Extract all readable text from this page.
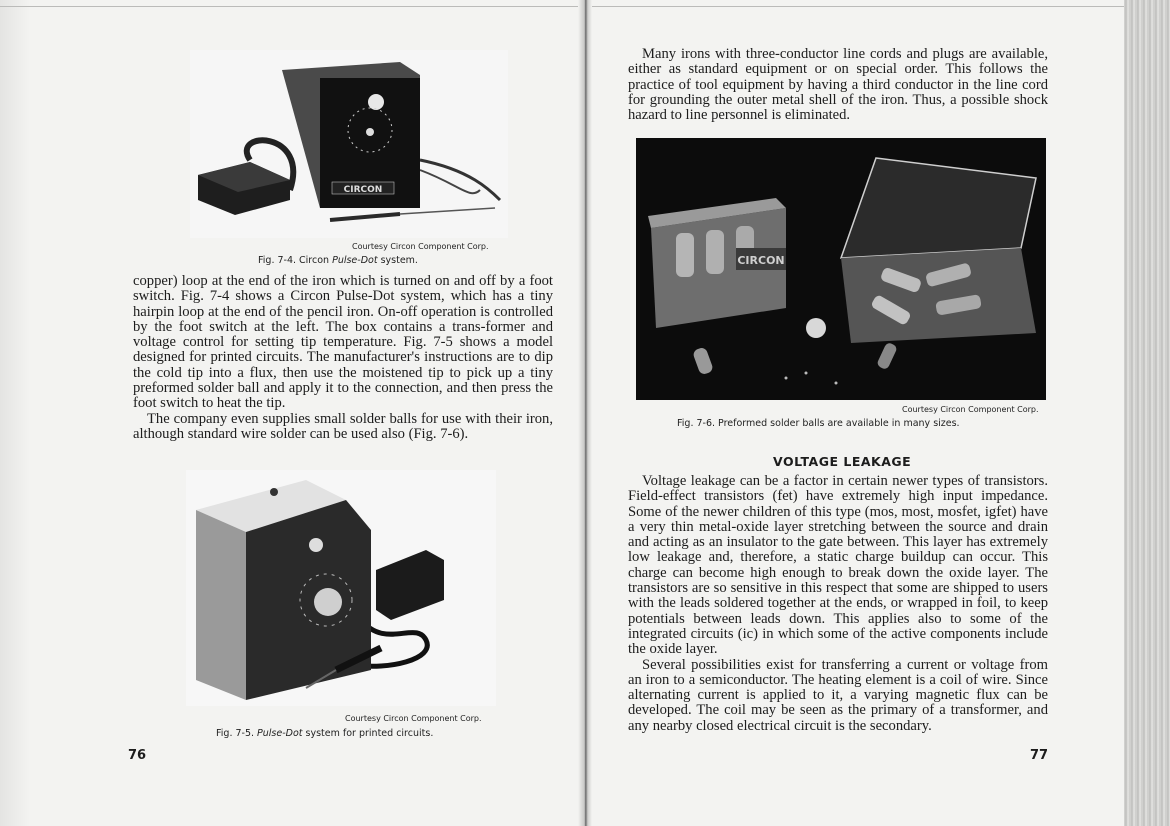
CIRCON
Courtesy Circon Component Corp.
Fig. 7-4. Circon Pulse-Dot system.

copper) loop at the end of the iron which is turned on and off by a foot switch. Fig. 7-4 shows a Circon Pulse-Dot system, which has a tiny hairpin loop at the end of the pencil iron. On-off operation is controlled by the foot switch at the left. The box contains a trans-former and voltage control for setting tip temperature. Fig. 7-5 shows a model designed for printed circuits. The manufacturer's instructions are to dip the cold tip into a flux, then use the moistened tip to pick up a tiny preformed solder ball and apply it to the connection, and then press the foot switch to heat the tip.

The company even supplies small solder balls for use with their iron, although standard wire solder can be used also (Fig. 7-6).

Courtesy Circon Component Corp.
Fig. 7-5. Pulse-Dot system for printed circuits.
76

Many irons with three-conductor line cords and plugs are available, either as standard equipment or on special order. This follows the practice of tool equipment by having a third conductor in the line cord for grounding the outer metal shell of the iron. Thus, a possible shock hazard to line personnel is eliminated.

CIRCON
Courtesy Circon Component Corp.
Fig. 7-6. Preformed solder balls are available in many sizes.
VOLTAGE LEAKAGE

Voltage leakage can be a factor in certain newer types of transistors. Field-effect transistors (fet) have extremely high input impedance. Some of the newer children of this type (mos, most, mosfet, igfet) have a very thin metal-oxide layer stretching between the source and drain and acting as an insulator to the gate between. This layer has extremely low leakage and, therefore, a static charge buildup can occur. This charge can become high enough to break down the oxide layer. The transistors are so sensitive in this respect that some are shipped to users with the leads soldered together at the ends, or wrapped in foil, to keep potentials between leads down. This applies also to some of the integrated circuits (ic) in which some of the active components include the oxide layer.

Several possibilities exist for transferring a current or voltage from an iron to a semiconductor. The heating element is a coil of wire. Since alternating current is applied to it, a varying magnetic flux can be developed. The coil may be seen as the primary of a transformer, and any nearby closed electrical circuit is the secondary.

77
